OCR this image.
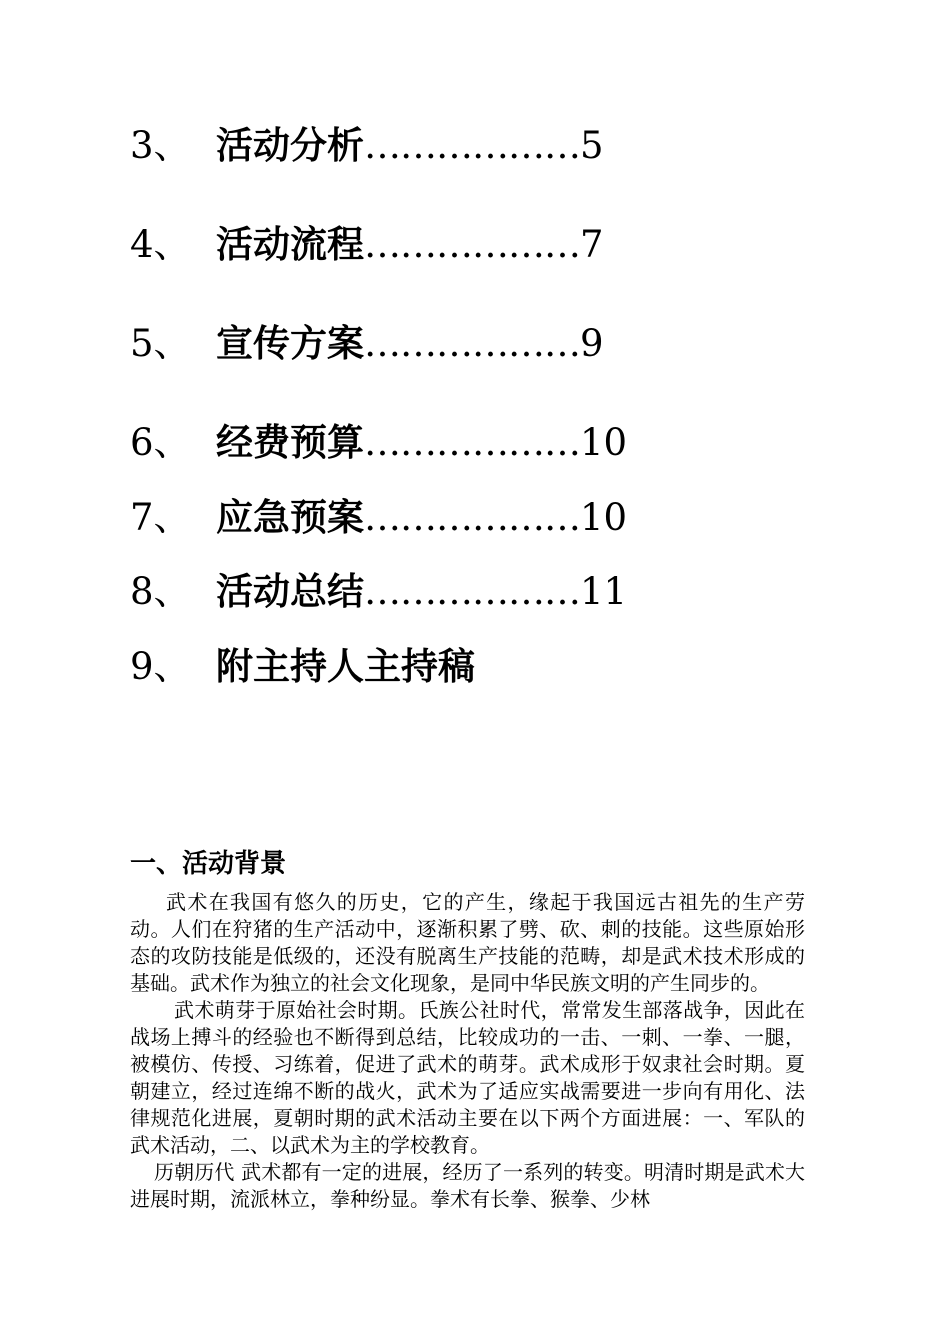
3、 活动分析………………5
4、 活动流程………………7
5、 宣传方案………………9
6、 经费预算………………10
7、 应急预案………………10
8、 活动总结………………11
9、 附主持人主持稿
一、活动背景

武术在我国有悠久的历史，它的产生，缘起于我国远古祖先的生产劳动。人们在狩猪的生产活动中，逐渐积累了劈、砍、刺的技能。这些原始形态的攻防技能是低级的，还没有脱离生产技能的范畴，却是武术技术形成的基础。武术作为独立的社会文化现象，是同中华民族文明的产生同步的。

武术萌芽于原始社会时期。氏族公社时代，常常发生部落战争，因此在战场上搏斗的经验也不断得到总结，比较成功的一击、一刺、一拳、一腿，被模仿、传授、习练着，促进了武术的萌芽。武术成形于奴隶社会时期。夏朝建立，经过连绵不断的战火，武术为了适应实战需要进一步向有用化、法律规范化进展，夏朝时期的武术活动主要在以下两个方面进展：一、军队的武术活动，二、以武术为主的学校教育。

历朝历代 武术都有一定的进展，经历了一系列的转变。明清时期是武术大进展时期，流派林立，拳种纷显。拳术有长拳、猴拳、少林
